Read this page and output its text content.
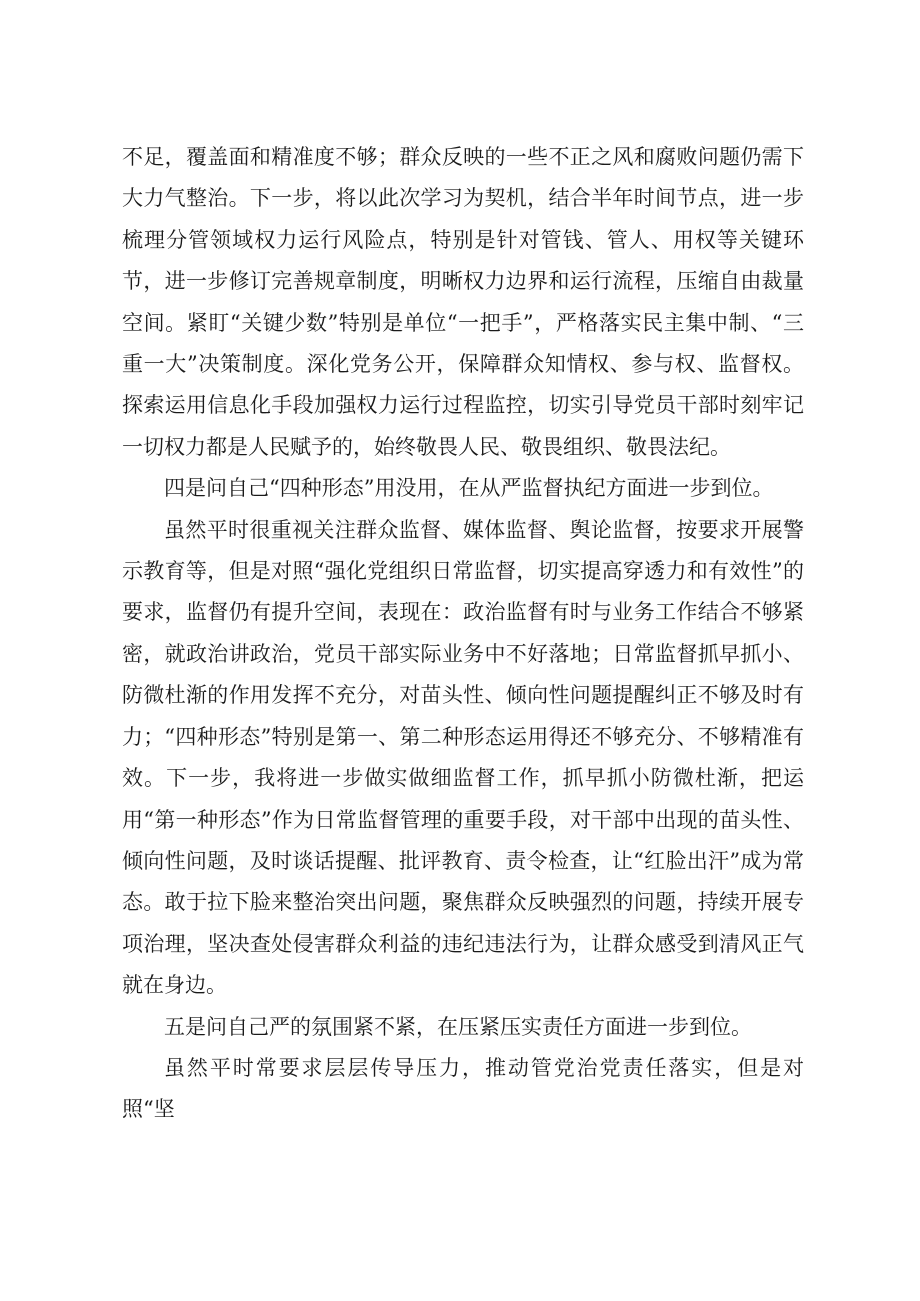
不足，覆盖面和精准度不够；群众反映的一些不正之风和腐败问题仍需下大力气整治。下一步，将以此次学习为契机，结合半年时间节点，进一步梳理分管领域权力运行风险点，特别是针对管钱、管人、用权等关键环节，进一步修订完善规章制度，明晰权力边界和运行流程，压缩自由裁量空间。紧盯“关键少数”特别是单位“一把手”，严格落实民主集中制、“三重一大”决策制度。深化党务公开，保障群众知情权、参与权、监督权。探索运用信息化手段加强权力运行过程监控，切实引导党员干部时刻牢记一切权力都是人民赋予的，始终敬畏人民、敬畏组织、敬畏法纪。

四是问自己“四种形态”用没用，在从严监督执纪方面进一步到位。

虽然平时很重视关注群众监督、媒体监督、舆论监督，按要求开展警示教育等，但是对照“强化党组织日常监督，切实提高穿透力和有效性”的要求，监督仍有提升空间，表现在：政治监督有时与业务工作结合不够紧密，就政治讲政治，党员干部实际业务中不好落地；日常监督抓早抓小、防微杜渐的作用发挥不充分，对苗头性、倾向性问题提醒纠正不够及时有力；“四种形态”特别是第一、第二种形态运用得还不够充分、不够精准有效。下一步，我将进一步做实做细监督工作，抓早抓小防微杜渐，把运用“第一种形态”作为日常监督管理的重要手段，对干部中出现的苗头性、倾向性问题，及时谈话提醒、批评教育、责令检查，让“红脸出汗”成为常态。敢于拉下脸来整治突出问题，聚焦群众反映强烈的问题，持续开展专项治理，坚决查处侵害群众利益的违纪违法行为，让群众感受到清风正气就在身边。

五是问自己严的氛围紧不紧，在压紧压实责任方面进一步到位。

虽然平时常要求层层传导压力，推动管党治党责任落实，但是对照“坚
